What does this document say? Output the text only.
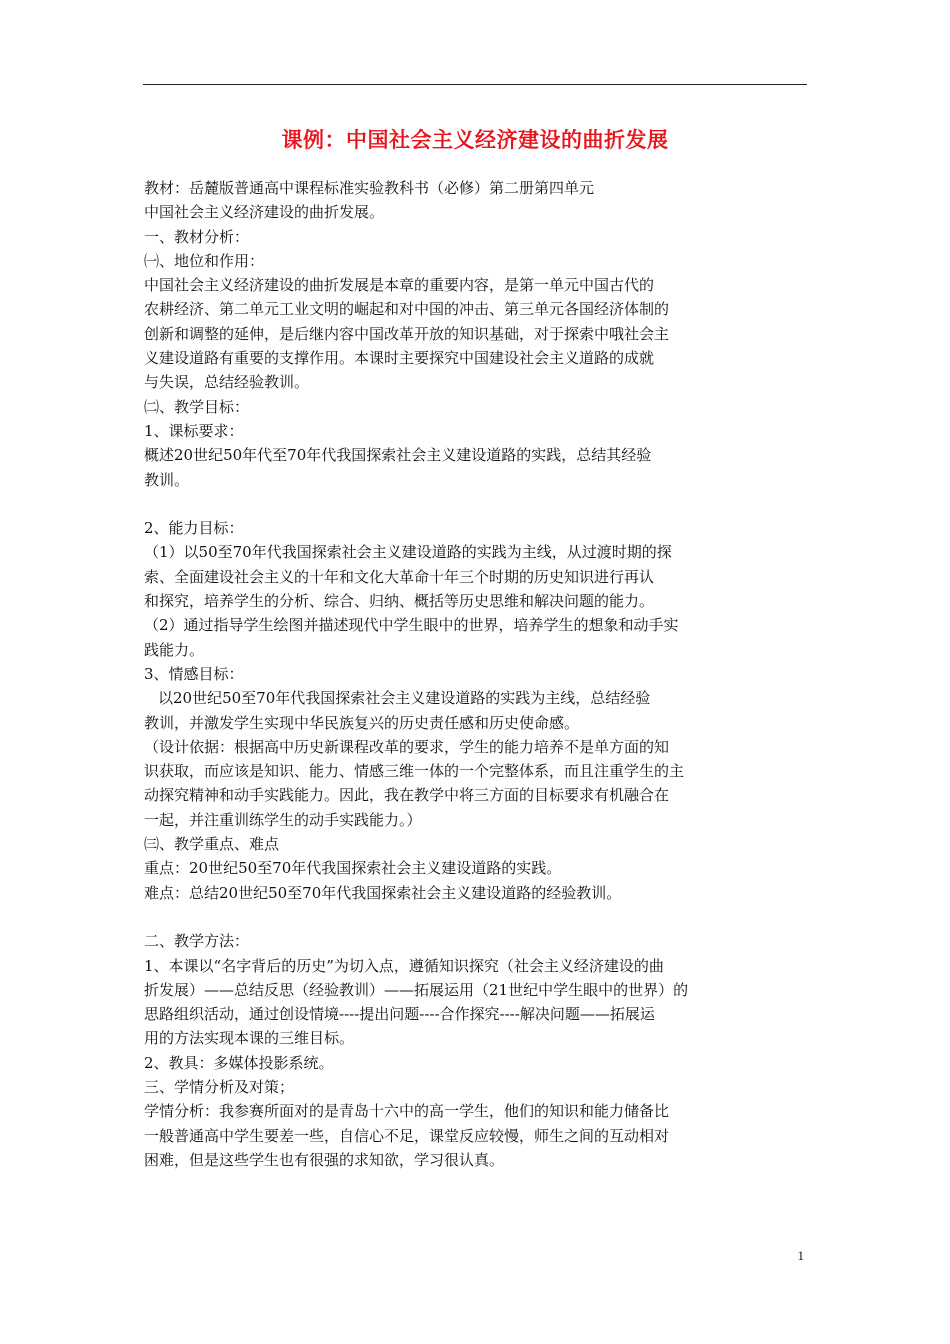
课例：中国社会主义经济建设的曲折发展

教材：岳麓版普通高中课程标准实验教科书（必修）第二册第四单元

中国社会主义经济建设的曲折发展。

一、教材分析：

㈠、地位和作用：

中国社会主义经济建设的曲折发展是本章的重要内容，是第一单元中国古代的

农耕经济、第二单元工业文明的崛起和对中国的冲击、第三单元各国经济体制的

创新和调整的延伸，是后继内容中国改革开放的知识基础，对于探索中哦社会主

义建设道路有重要的支撑作用。本课时主要探究中国建设社会主义道路的成就

与失误，总结经验教训。

㈡、教学目标：

1、课标要求：

概述20世纪50年代至70年代我国探索社会主义建设道路的实践，总结其经验

教训。

2、能力目标：

（1）以50至70年代我国探索社会主义建设道路的实践为主线，从过渡时期的探

索、全面建设社会主义的十年和文化大革命十年三个时期的历史知识进行再认

和探究，培养学生的分析、综合、归纳、概括等历史思维和解决问题的能力。

（2）通过指导学生绘图并描述现代中学生眼中的世界，培养学生的想象和动手实

践能力。

3、情感目标：

以20世纪50至70年代我国探索社会主义建设道路的实践为主线，总结经验

教训，并激发学生实现中华民族复兴的历史责任感和历史使命感。

（设计依据：根据高中历史新课程改革的要求，学生的能力培养不是单方面的知

识获取，而应该是知识、能力、情感三维一体的一个完整体系，而且注重学生的主

动探究精神和动手实践能力。因此，我在教学中将三方面的目标要求有机融合在

一起，并注重训练学生的动手实践能力。）

㈢、教学重点、难点

重点：20世纪50至70年代我国探索社会主义建设道路的实践。

难点：总结20世纪50至70年代我国探索社会主义建设道路的经验教训。

二、教学方法：

1、本课以“名字背后的历史”为切入点，遵循知识探究（社会主义经济建设的曲

折发展）——总结反思（经验教训）——拓展运用（21世纪中学生眼中的世界）的

思路组织活动，通过创设情境----提出问题----合作探究----解决问题——拓展运

用的方法实现本课的三维目标。

2、教具：多媒体投影系统。

三、学情分析及对策；

学情分析：我参赛所面对的是青岛十六中的高一学生，他们的知识和能力储备比

一般普通高中学生要差一些，自信心不足，课堂反应较慢，师生之间的互动相对

困难，但是这些学生也有很强的求知欲，学习很认真。

1
